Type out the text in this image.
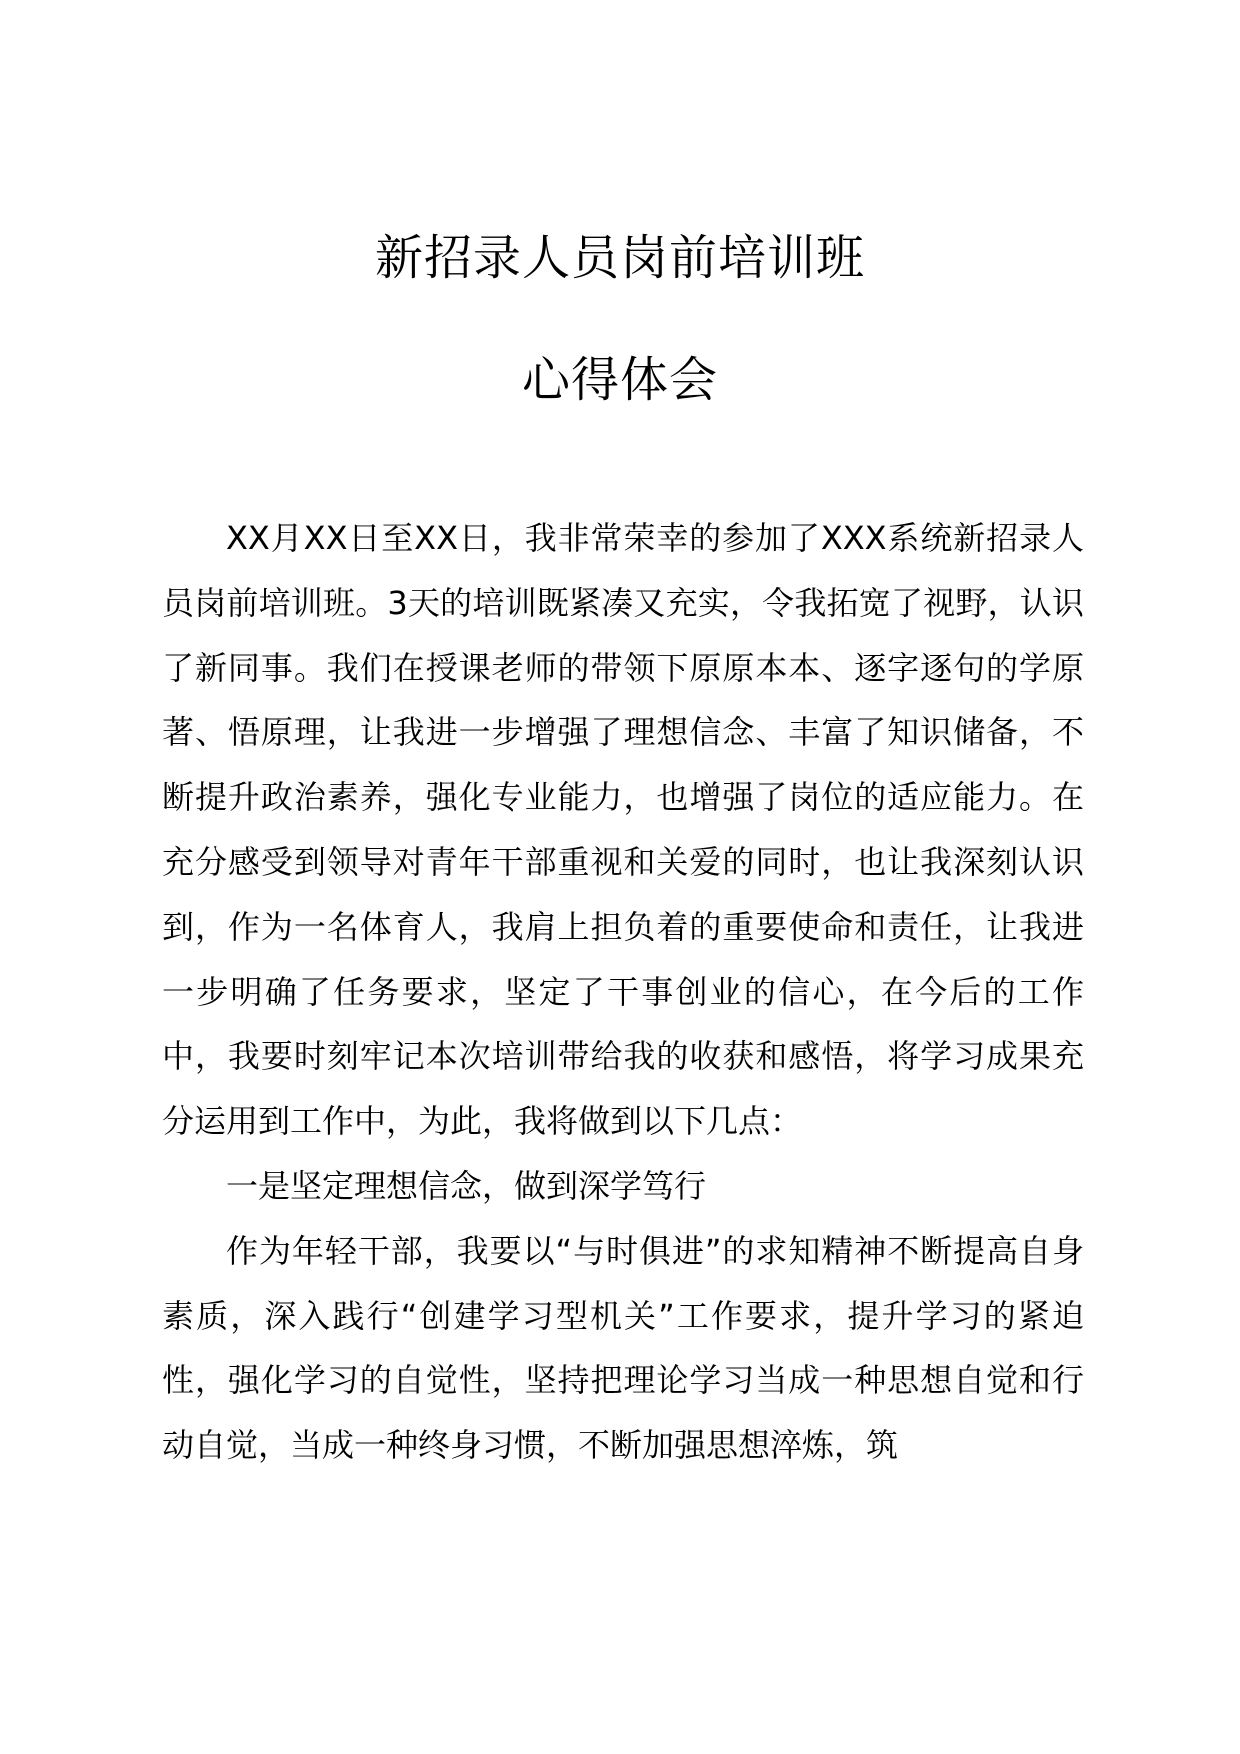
新招录人员岗前培训班
心得体会

XX月XX日至XX日，我非常荣幸的参加了XXX系统新招录人员岗前培训班。3天的培训既紧凑又充实，令我拓宽了视野，认识了新同事。我们在授课老师的带领下原原本本、逐字逐句的学原著、悟原理，让我进一步增强了理想信念、丰富了知识储备，不断提升政治素养，强化专业能力，也增强了岗位的适应能力。在充分感受到领导对青年干部重视和关爱的同时，也让我深刻认识到，作为一名体育人，我肩上担负着的重要使命和责任，让我进一步明确了任务要求，坚定了干事创业的信心，在今后的工作中，我要时刻牢记本次培训带给我的收获和感悟，将学习成果充分运用到工作中，为此，我将做到以下几点：

一是坚定理想信念，做到深学笃行

作为年轻干部，我要以“与时俱进”的求知精神不断提高自身素质，深入践行“创建学习型机关”工作要求，提升学习的紧迫性，强化学习的自觉性，坚持把理论学习当成一种思想自觉和行动自觉，当成一种终身习惯，不断加强思想淬炼，筑
